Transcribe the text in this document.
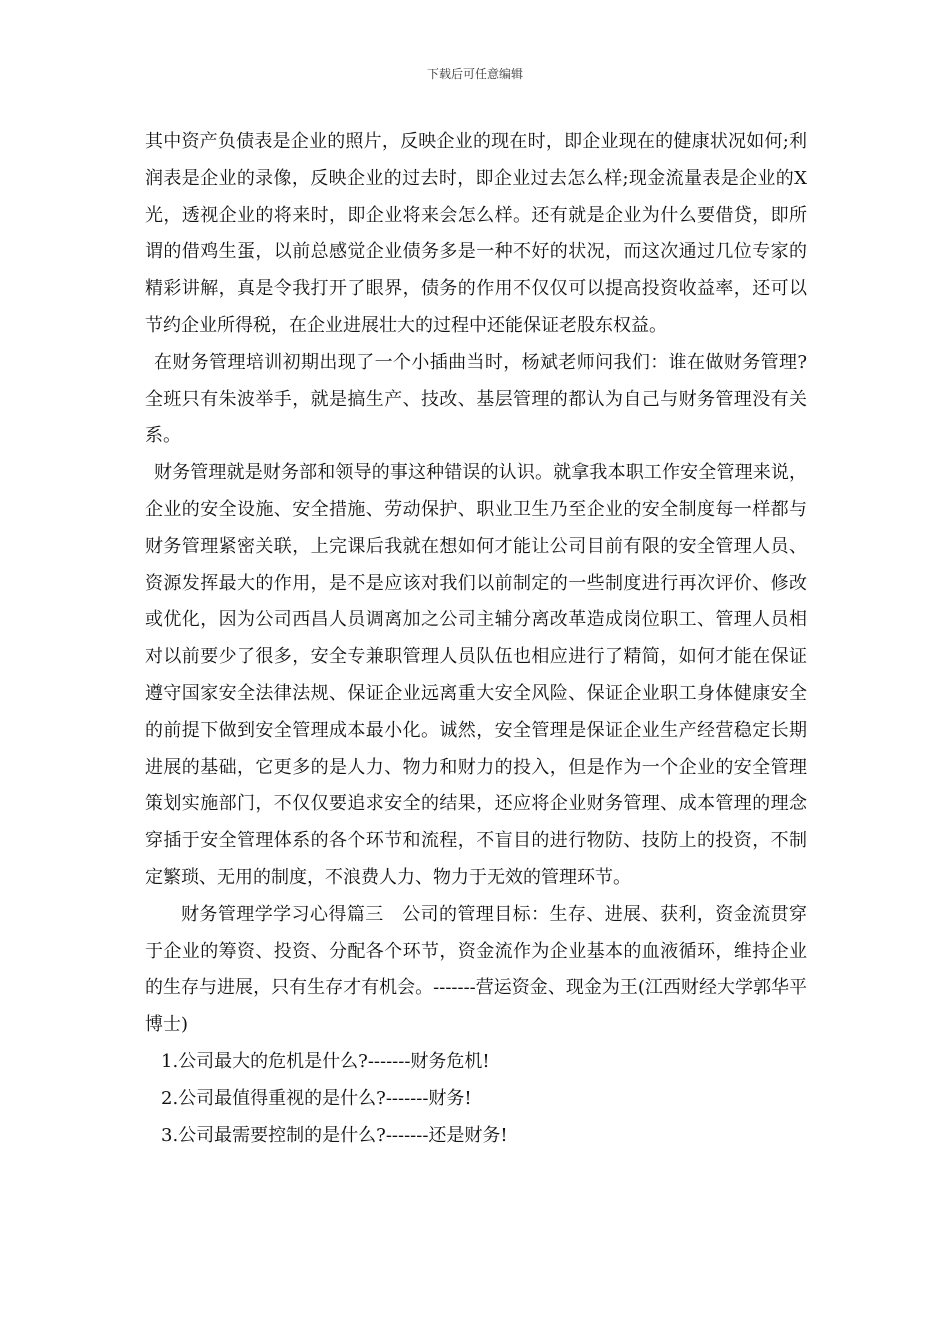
下载后可任意编辑

其中资产负债表是企业的照片，反映企业的现在时，即企业现在的健康状况如何;利润表是企业的录像，反映企业的过去时，即企业过去怎么样;现金流量表是企业的X光，透视企业的将来时，即企业将来会怎么样。还有就是企业为什么要借贷，即所谓的借鸡生蛋，以前总感觉企业债务多是一种不好的状况，而这次通过几位专家的精彩讲解，真是令我打开了眼界，债务的作用不仅仅可以提高投资收益率，还可以节约企业所得税，在企业进展壮大的过程中还能保证老股东权益。

在财务管理培训初期出现了一个小插曲当时，杨斌老师问我们：谁在做财务管理?全班只有朱波举手，就是搞生产、技改、基层管理的都认为自己与财务管理没有关系。

财务管理就是财务部和领导的事这种错误的认识。就拿我本职工作安全管理来说，企业的安全设施、安全措施、劳动保护、职业卫生乃至企业的安全制度每一样都与财务管理紧密关联，上完课后我就在想如何才能让公司目前有限的安全管理人员、资源发挥最大的作用，是不是应该对我们以前制定的一些制度进行再次评价、修改或优化，因为公司西昌人员调离加之公司主辅分离改革造成岗位职工、管理人员相对以前要少了很多，安全专兼职管理人员队伍也相应进行了精简，如何才能在保证遵守国家安全法律法规、保证企业远离重大安全风险、保证企业职工身体健康安全的前提下做到安全管理成本最小化。诚然，安全管理是保证企业生产经营稳定长期进展的基础，它更多的是人力、物力和财力的投入，但是作为一个企业的安全管理策划实施部门，不仅仅要追求安全的结果，还应将企业财务管理、成本管理的理念穿插于安全管理体系的各个环节和流程，不盲目的进行物防、技防上的投资，不制定繁琐、无用的制度，不浪费人力、物力于无效的管理环节。

财务管理学学习心得篇三　公司的管理目标：生存、进展、获利，资金流贯穿于企业的筹资、投资、分配各个环节，资金流作为企业基本的血液循环，维持企业的生存与进展，只有生存才有机会。-------营运资金、现金为王(江西财经大学郭华平博士)

1.公司最大的危机是什么?-------财务危机!

2.公司最值得重视的是什么?-------财务!

3.公司最需要控制的是什么?-------还是财务!
